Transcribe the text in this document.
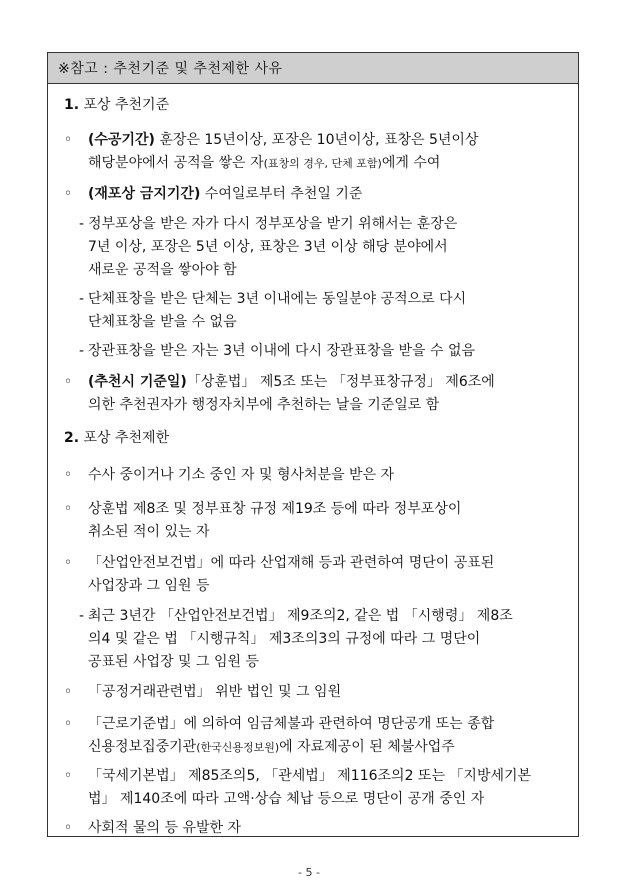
※참고 : 추천기준 및 추천제한 사유
1. 포상 추천기준
◦	(수공기간) 훈장은 15년이상, 포장은 10년이상, 표창은 5년이상
해당분야에서 공적을 쌓은 자(표창의 경우, 단체 포함)에게 수여
◦	(재포상 금지기간) 수여일로부터 추천일 기준
- 정부포상을 받은 자가 다시 정부포상을 받기 위해서는 훈장은
7년 이상, 포장은 5년 이상, 표창은 3년 이상 해당 분야에서
새로운 공적을 쌓아야 함
- 단체표창을 받은 단체는 3년 이내에는 동일분야 공적으로 다시
단체표창을 받을 수 없음
- 장관표창을 받은 자는 3년 이내에 다시 장관표창을 받을 수 없음
◦	(추천시 기준일)「상훈법」 제5조 또는 「정부표창규정」 제6조에
의한 추천권자가 행정자치부에 추천하는 날을 기준일로 함
2. 포상 추천제한
◦	수사 중이거나 기소 중인 자 및 형사처분을 받은 자
◦	상훈법 제8조 및 정부표창 규정 제19조 등에 따라 정부포상이
취소된 적이 있는 자
◦	「산업안전보건법」에 따라 산업재해 등과 관련하여 명단이 공표된
사업장과 그 임원 등
- 최근 3년간 「산업안전보건법」 제9조의2, 같은 법 「시행령」 제8조
의4 및 같은 법 「시행규칙」 제3조의3의 규정에 따라 그 명단이
공표된 사업장 및 그 임원 등
◦	「공정거래관련법」 위반 법인 및 그 임원
◦	「근로기준법」에 의하여 임금체불과 관련하여 명단공개 또는 종합
신용정보집중기관(한국신용정보원)에 자료제공이 된 체불사업주
◦	「국세기본법」 제85조의5, 「관세법」 제116조의2 또는 「지방세기본
법」 제140조에 따라 고액·상습 체납 등으로 명단이 공개 중인 자
◦	사회적 물의 등 유발한 자
- 5 -
